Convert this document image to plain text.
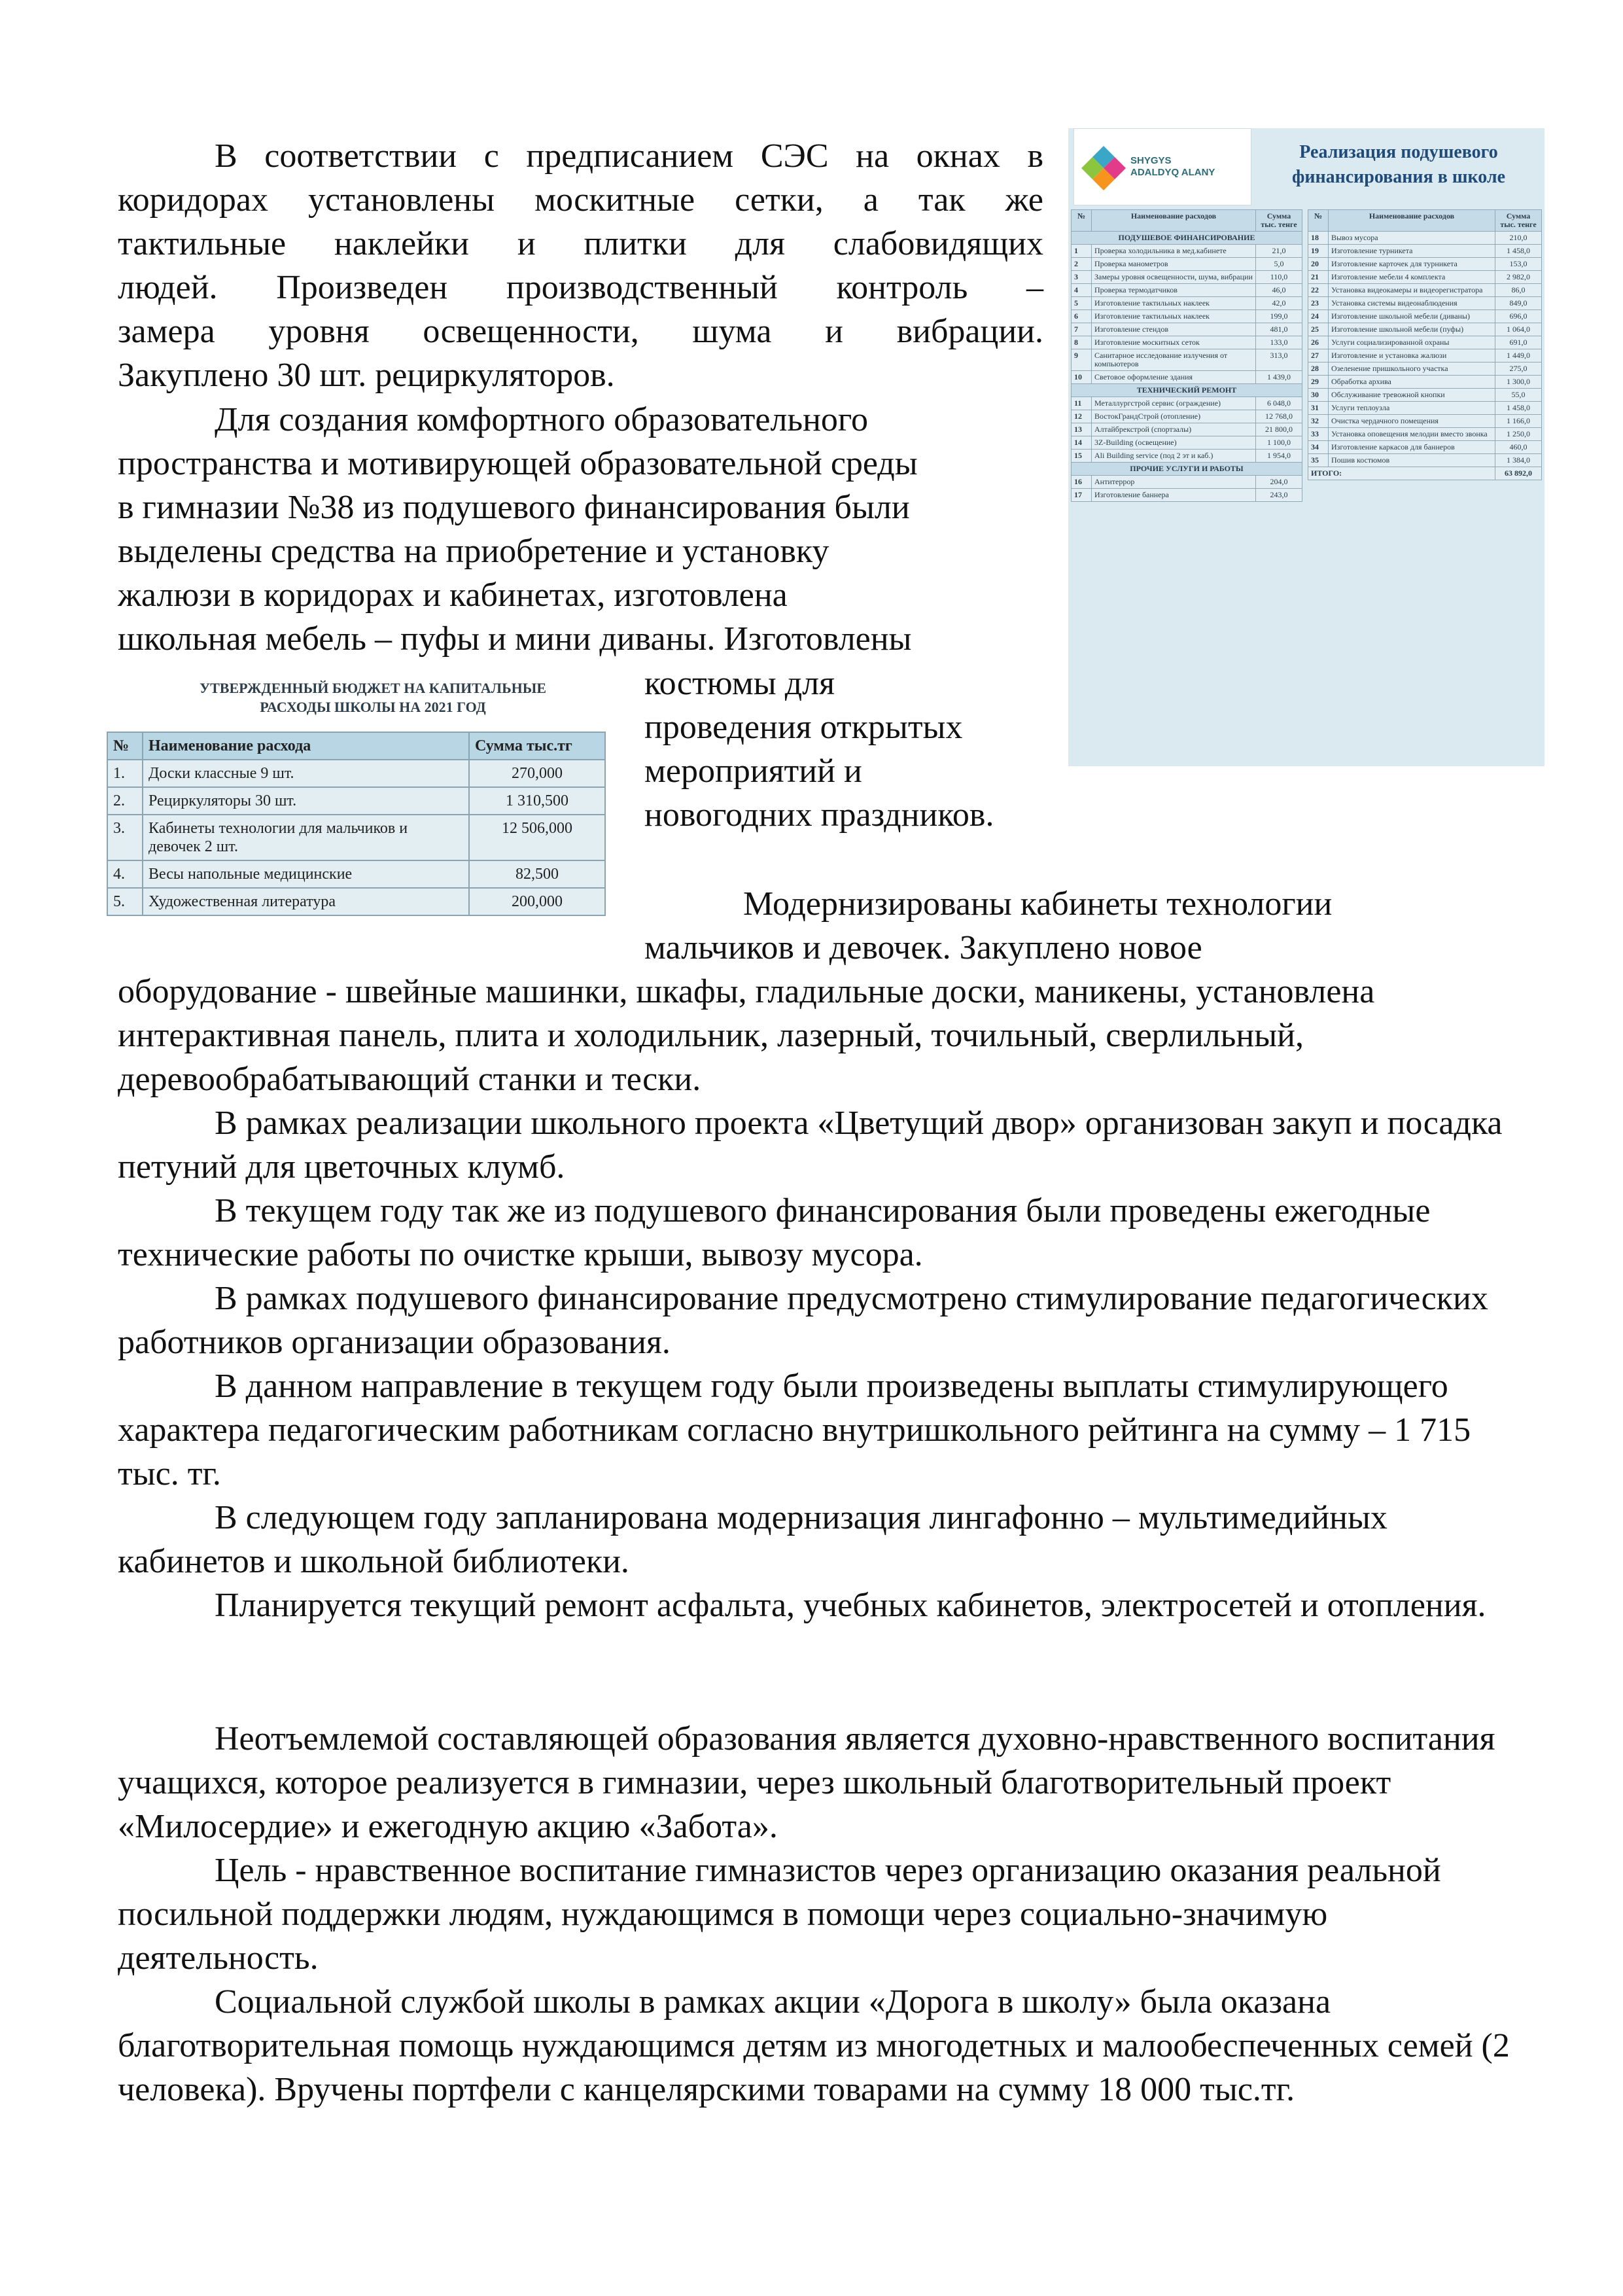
В соответствии с предписанием СЭС на окнах в
коридорах установлены москитные сетки, а так же
тактильные наклейки и плитки для слабовидящих
людей. Произведен производственный контроль –
замера уровня освещенности, шума и вибрации.
Закуплено 30 шт. рециркуляторов.
Для создания комфортного образовательного
пространства и мотивирующей образовательной среды
в гимназии №38 из подушевого финансирования были
выделены средства на приобретение и установку
жалюзи в коридорах и кабинетах, изготовлена
школьная мебель – пуфы и мини диваны. Изготовлены
костюмы для
проведения открытых
мероприятий и
новогодних праздников.
Модернизированы кабинеты технологии
мальчиков и девочек. Закуплено новое
оборудование - швейные машинки, шкафы, гладильные доски, маникены, установлена интерактивная панель, плита и холодильник, лазерный, точильный, сверлильный, деревообрабатывающий станки и тески.

В рамках реализации школьного проекта «Цветущий двор» организован закуп и посадка петуний для цветочных клумб.

В текущем году так же из подушевого финансирования были проведены ежегодные технические работы по очистке крыши, вывозу мусора.

В рамках подушевого финансирование предусмотрено стимулирование педагогических работников организации образования.

В данном направление в текущем году были произведены выплаты стимулирующего характера педагогическим работникам согласно внутришкольного рейтинга на сумму – 1 715 тыс. тг.

В следующем году запланирована модернизация лингафонно – мультимедийных кабинетов и школьной библиотеки.

Планируется текущий ремонт асфальта, учебных кабинетов, электросетей и отопления.

Неотъемлемой составляющей образования является духовно-нравственного воспитания учащихся, которое реализуется в гимназии, через школьный благотворительный проект «Милосердие» и ежегодную акцию «Забота».

Цель - нравственное воспитание гимназистов через организацию оказания реальной посильной поддержки людям, нуждающимся в помощи через социально-значимую деятельность.

Социальной службой школы в рамках акции «Дорога в школу» была оказана благотворительная помощь нуждающимся детям из многодетных и малообеспеченных семей (2 человека). Вручены портфели с канцелярскими товарами на сумму 18 000 тыс.тг.

SHYGYS
ADALDYQ ALANY
Реализация подушевого
финансирования в школе
№	Наименование расходов	Сумма тыс. тенге
ПОДУШЕВОЕ ФИНАНСИРОВАНИЕ		
1	Проверка холодильника в мед.кабинете	21,0
2	Проверка манометров	5,0
3	Замеры уровня освещенности, шума, вибрации	110,0
4	Проверка термодатчиков	46,0
5	Изготовление тактильных наклеек	42,0
6	Изготовление тактильных наклеек	199,0
7	Изготовление стендов	481,0
8	Изготовление москитных сеток	133,0
9	Санитарное исследование излучения от компьютеров	313,0
10	Световое оформление здания	1 439,0
ТЕХНИЧЕСКИЙ РЕМОНТ		
11	Металлургстрой сервис (ограждение)	6 048,0
12	ВостокГрандСтрой (отопление)	12 768,0
13	Алтайбрекстрой (спортзалы)	21 800,0
14	3Z-Building (освещение)	1 100,0
15	Ali Building service (под 2 эт и каб.)	1 954,0
ПРОЧИЕ УСЛУГИ И РАБОТЫ		
16	Антитеррор	204,0
17	Изготовление баннера	243,0
№	Наименование расходов	Сумма тыс. тенге
18	Вывоз мусора	210,0
19	Изготовление турникета	1 458,0
20	Изготовление карточек для турникета	153,0
21	Изготовление мебели 4 комплекта	2 982,0
22	Установка видеокамеры и видеорегистратора	86,0
23	Установка системы видеонаблюдения	849,0
24	Изготовление школьной мебели (диваны)	696,0
25	Изготовление школьной мебели (пуфы)	1 064,0
26	Услуги социализированной охраны	691,0
27	Изготовление и установка жалюзи	1 449,0
28	Озеленение пришкольного участка	275,0
29	Обработка архива	1 300,0
30	Обслуживание тревожной кнопки	55,0
31	Услуги теплоузла	1 458,0
32	Очистка чердачного помещения	1 166,0
33	Установка оповещения мелодии вместо звонка	1 250,0
34	Изготовление каркасов для баннеров	460,0
35	Пошив костюмов	1 384,0
ИТОГО:		63 892,0
УТВЕРЖДЕННЫЙ БЮДЖЕТ НА КАПИТАЛЬНЫЕ
РАСХОДЫ ШКОЛЫ НА 2021 ГОД
№	Наименование расхода	Сумма тыс.тг
1.	Доски классные 9 шт.	270,000
2.	Рециркуляторы 30 шт.	1 310,500
3.	Кабинеты технологии для мальчиков и девочек 2 шт.	12 506,000
4.	Весы напольные медицинские	82,500
5.	Художественная литература	200,000
